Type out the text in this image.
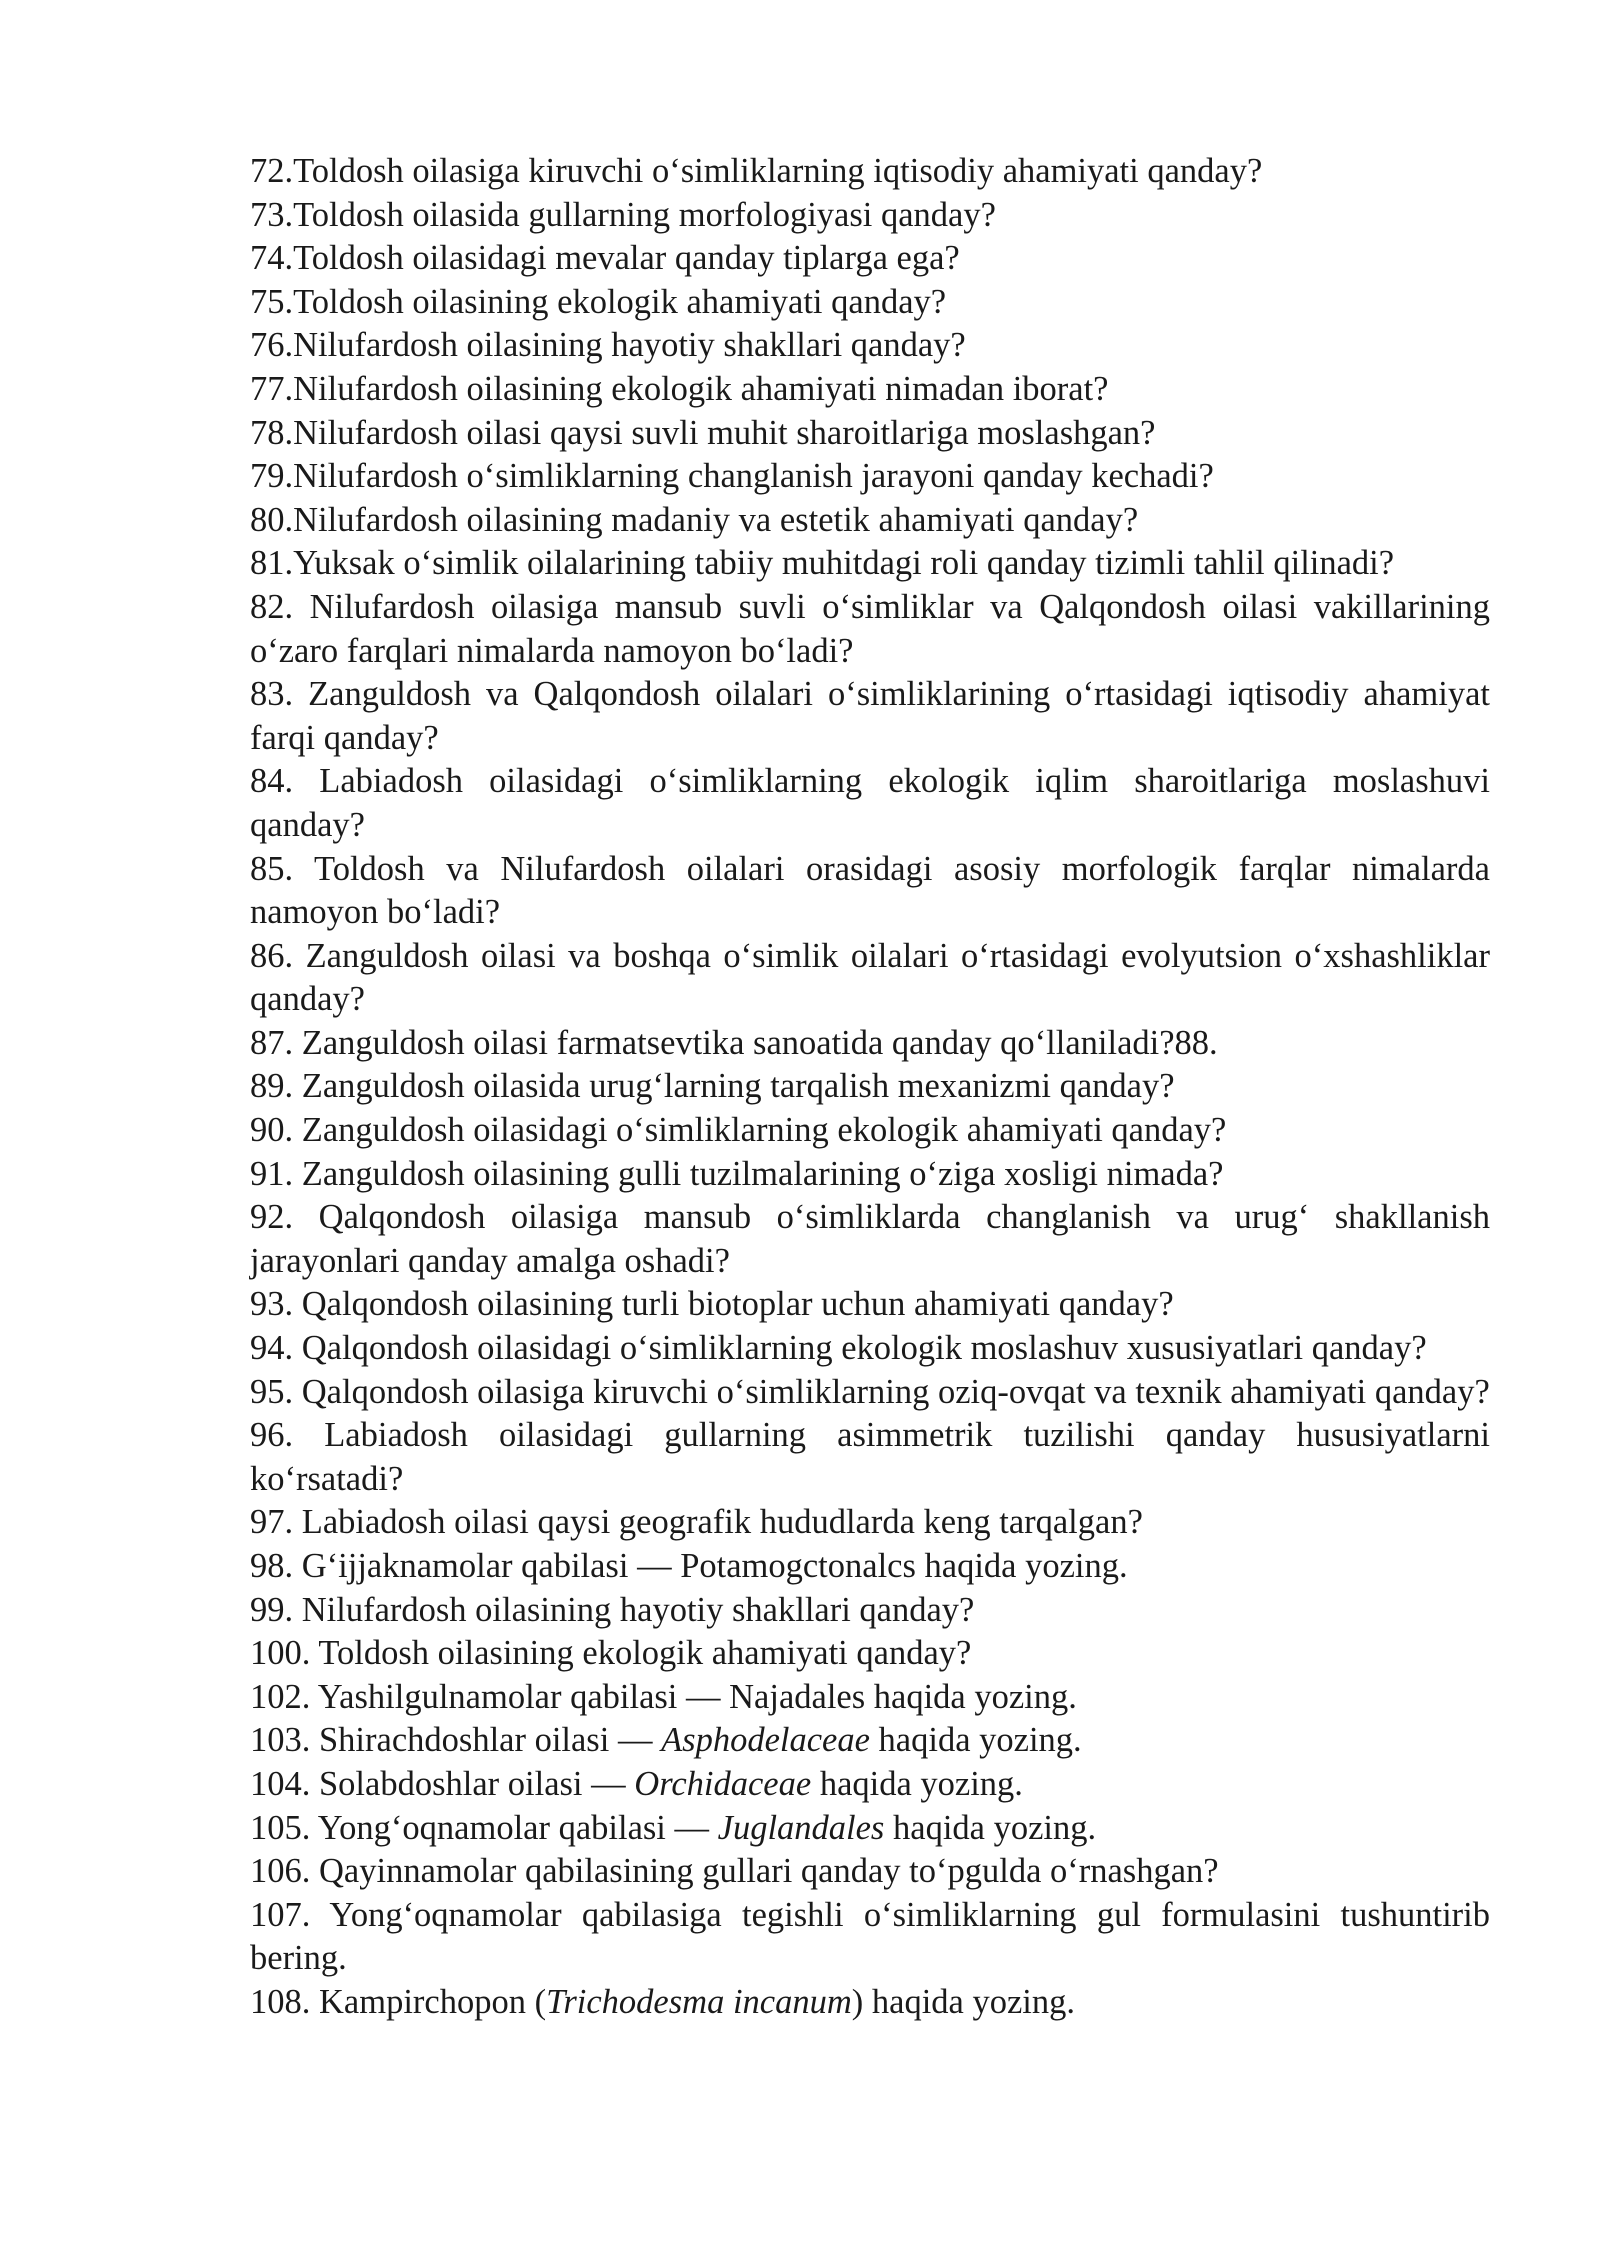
72.Toldosh oilasiga kiruvchi o‘simliklarning iqtisodiy ahamiyati qanday?

73.Toldosh oilasida gullarning morfologiyasi qanday?

74.Toldosh oilasidagi mevalar qanday tiplarga ega?

75.Toldosh oilasining ekologik ahamiyati qanday?

76.Nilufardosh oilasining hayotiy shakllari qanday?

77.Nilufardosh oilasining ekologik ahamiyati nimadan iborat?

78.Nilufardosh oilasi qaysi suvli muhit sharoitlariga moslashgan?

79.Nilufardosh o‘simliklarning changlanish jarayoni qanday kechadi?

80.Nilufardosh oilasining madaniy va estetik ahamiyati qanday?

81.Yuksak o‘simlik oilalarining tabiiy muhitdagi roli qanday tizimli tahlil qilinadi?

82. Nilufardosh oilasiga mansub suvli o‘simliklar va Qalqondosh oilasi vakillarining o‘zaro farqlari nimalarda namoyon bo‘ladi?

83. Zanguldosh va Qalqondosh oilalari o‘simliklarining o‘rtasidagi iqtisodiy ahamiyat farqi qanday?

84. Labiadosh oilasidagi o‘simliklarning ekologik iqlim sharoitlariga moslashuvi qanday?

85. Toldosh va Nilufardosh oilalari orasidagi asosiy morfologik farqlar nimalarda namoyon bo‘ladi?

86. Zanguldosh oilasi va boshqa o‘simlik oilalari o‘rtasidagi evolyutsion o‘xshashliklar qanday?

87. Zanguldosh oilasi farmatsevtika sanoatida qanday qo‘llaniladi?88.

89. Zanguldosh oilasida urug‘larning tarqalish mexanizmi qanday?

90. Zanguldosh oilasidagi o‘simliklarning ekologik ahamiyati qanday?

91. Zanguldosh oilasining gulli tuzilmalarining o‘ziga xosligi nimada?

92. Qalqondosh oilasiga mansub o‘simliklarda changlanish va urug‘ shakllanish jarayonlari qanday amalga oshadi?

93. Qalqondosh oilasining turli biotoplar uchun ahamiyati qanday?

94. Qalqondosh oilasidagi o‘simliklarning ekologik moslashuv xususiyatlari qanday?

95. Qalqondosh oilasiga kiruvchi o‘simliklarning oziq-ovqat va texnik ahamiyati qanday?

96. Labiadosh oilasidagi gullarning asimmetrik tuzilishi qanday hususiyatlarni ko‘rsatadi?

97. Labiadosh oilasi qaysi geografik hududlarda keng tarqalgan?

98. G‘ijjaknamolar qabilasi — Potamogctonalcs haqida yozing.

99. Nilufardosh oilasining hayotiy shakllari qanday?

100. Toldosh oilasining ekologik ahamiyati qanday?

102. Yashilgulnamolar qabilasi — Najadales haqida yozing.

103. Shirachdoshlar oilasi — Asphodelaceae haqida yozing.

104. Solabdoshlar oilasi — Orchidaceae haqida yozing.

105. Yong‘oqnamolar qabilasi — Juglandales haqida yozing.

106. Qayinnamolar qabilasining gullari qanday to‘pgulda o‘rnashgan?

107. Yong‘oqnamolar qabilasiga tegishli o‘simliklarning gul formulasini tushuntirib bering.

108. Kampirchopon (Trichodesma incanum) haqida yozing.
